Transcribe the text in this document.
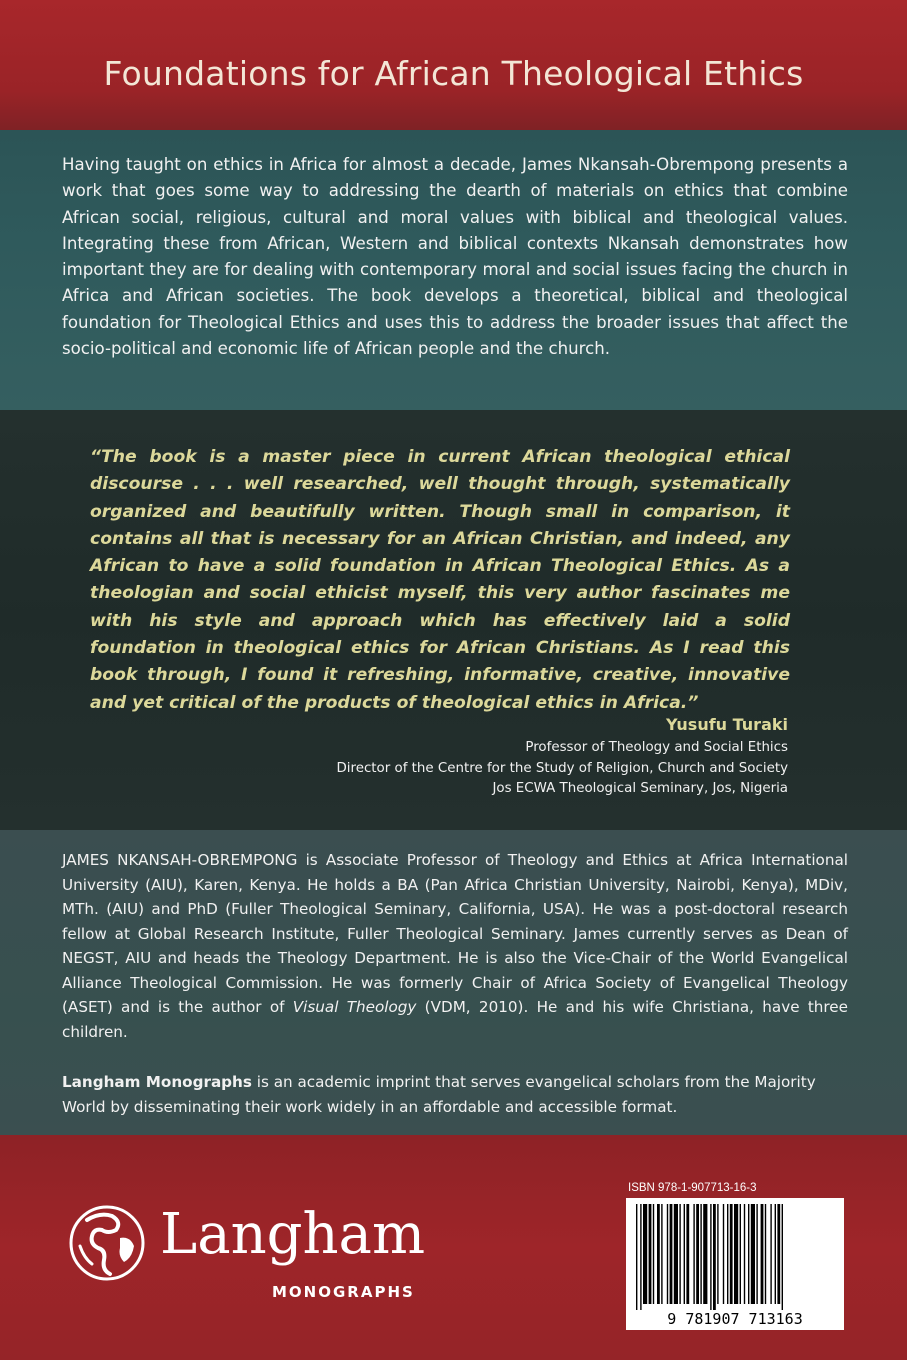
Foundations for African Theological Ethics

Having taught on ethics in Africa for almost a decade, James Nkansah-Obrempong presents a work that goes some way to addressing the dearth of materials on ethics that combine African social, religious, cultural and moral values with biblical and theological values. Integrating these from African, Western and biblical contexts Nkansah demonstrates how important they are for dealing with contemporary moral and social issues facing the church in Africa and African societies. The book develops a theoretical, biblical and theological foundation for Theological Ethics and uses this to address the broader issues that affect the socio-political and economic life of African people and the church.

“The book is a master piece in current African theological ethical discourse . . . well researched, well thought through, systematically organized and beautifully written. Though small in comparison, it contains all that is necessary for an African Christian, and indeed, any African to have a solid foundation in African Theological Ethics. As a theologian and social ethicist myself, this very author fascinates me with his style and approach which has effectively laid a solid foundation in theological ethics for African Christians. As I read this book through, I found it refreshing, informative, creative, innovative and yet critical of the products of theological ethics in Africa.”

Yusufu Turaki
Professor of Theology and Social Ethics
Director of the Centre for the Study of Religion, Church and Society
Jos ECWA Theological Seminary, Jos, Nigeria

JAMES NKANSAH-OBREMPONG is Associate Professor of Theology and Ethics at Africa International University (AIU), Karen, Kenya. He holds a BA (Pan Africa Christian University, Nairobi, Kenya), MDiv, MTh. (AIU) and PhD (Fuller Theological Seminary, California, USA). He was a post-doctoral research fellow at Global Research Institute, Fuller Theological Seminary. James currently serves as Dean of NEGST, AIU and heads the Theology Department. He is also the Vice-Chair of the World Evangelical Alliance Theological Commission. He was formerly Chair of Africa Society of Evangelical Theology (ASET) and is the author of Visual Theology (VDM, 2010). He and his wife Christiana, have three children.

Langham Monographs is an academic imprint that serves evangelical scholars from the Majority World by disseminating their work widely in an affordable and accessible format.

Langham
MONOGRAPHS
ISBN 978-1-907713-16-3
9 781907 713163
